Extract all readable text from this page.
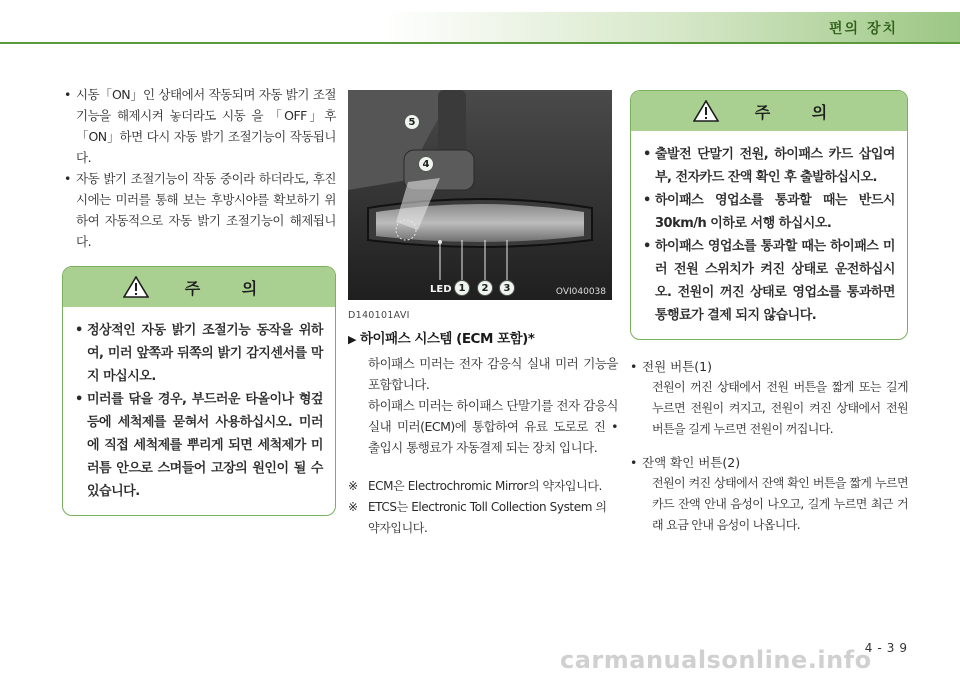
편의 장치
• 시동「ON」인 상태에서 작동되며 자동 밝기 조절기능을 해제시켜 놓더라도 시동 을 「OFF」후「ON」하면 다시 자동 밝기 조절기능이 작동됩니다.
• 자동 밝기 조절기능이 작동 중이라 하더라도, 후진시에는 미러를 통해 보는 후방시야를 확보하기 위하여 자동적으로 자동 밝기 조절기능이 해제됩니다.
주 의
• 정상적인 자동 밝기 조절기능 동작을 위하여, 미러 앞쪽과 뒤쪽의 밝기 감지센서를 막지 마십시오.
• 미러를 닦을 경우, 부드러운 타올이나 형겊 등에 세척제를 묻혀서 사용하십시오. 미러에 직접 세척제를 뿌리게 되면 세척제가 미러틈 안으로 스며들어 고장의 원인이 될 수 있습니다.
5
4
LED 1	2	3	OVI040038
D140101AVI
▶ 하이패스 시스템 (ECM 포함)*
하이패스 미러는 전자 감응식 실내 미러 기능을 포함합니다.
하이패스 미러는 하이패스 단말기를 전자 감응식 실내 미러(ECM)에 통합하여 유료 도로로 진 • 출입시 통행료가 자동결제 되는 장치 입니다.
※ ECM은 Electrochromic Mirror의 약자입니다.
※ ETCS는 Electronic Toll Collection System 의 약자입니다.
주 의
• 출발전 단말기 전원, 하이패스 카드 삽입여부, 전자카드 잔액 확인 후 출발하십시오.
• 하이패스 영업소를 통과할 때는 반드시 30km/h 이하로 서행 하십시오.
• 하이패스 영업소를 통과할 때는 하이패스 미러 전원 스위치가 켜진 상태로 운전하십시오. 전원이 꺼진 상태로 영업소를 통과하면 통행료가 결제 되지 않습니다.
• 전원 버튼(1)
전원이 꺼진 상태에서 전원 버튼을 짧게 또는 길게 누르면 전원이 켜지고, 전원이 켜진 상태에서 전원 버튼을 길게 누르면 전원이 꺼집니다.
• 잔액 확인 버튼(2)
전원이 켜진 상태에서 잔액 확인 버튼을 짧게 누르면 카드 잔액 안내 음성이 나오고, 길게 누르면 최근 거래 요금 안내 음성이 나옵니다.
4-39
carmanualsonline.info
